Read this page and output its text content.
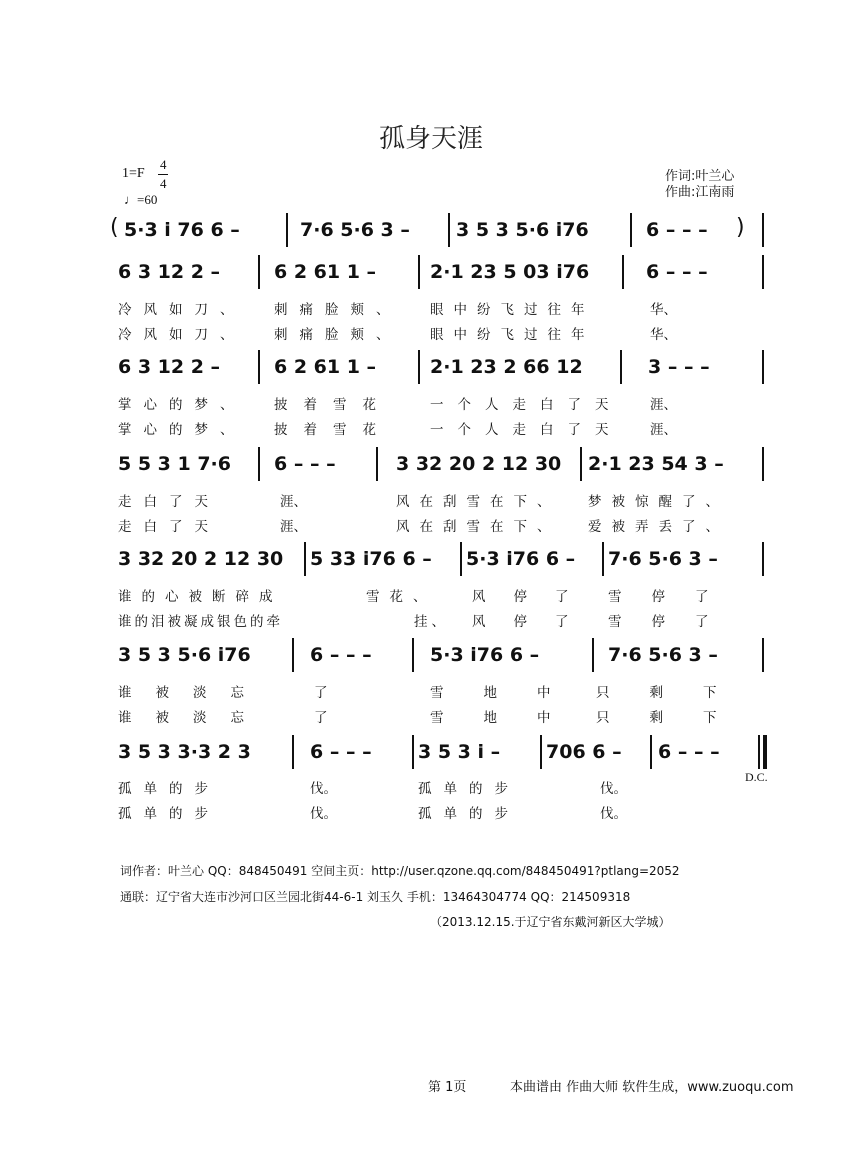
孤身天涯
1=F
4
4
♩=60
作词:叶兰心
作曲:江南雨
( 5·3 i 76 6 –	7·6 5·6 3 – 3 5 3 5·6 i76	6 – – – )
6 3 12 2 –	6 2 61 1 –	2·1 23 5 03 i76	6 – – –
冷风如刀、 刺痛脸颊、 眼中纷飞过往年	华、
冷风如刀、 刺痛脸颊、 眼中纷飞过往年	华、
6 3 12 2 –	6 2 61 1 –	2·1 23 2 66 12	3 – – –
掌心的梦、 披着雪花	一个人走白了天 涯、
掌心的梦、 披着雪花	一个人走白了天 涯、
5 5 3 1 7·6 6 – – –	3 32 20 2 12 30 2·1 23 54 3 –
走白了天	涯、	风在刮雪在下、 梦被惊醒了、
走白了天	涯、	风在刮雪在下、 爱被弄丢了、
3 32 20 2 12 30 5 33 i76 6 – 5·3 i76 6 – 7·6 5·6 3 –
谁的心被断碎成	雪花、	风停了 雪停了
谁的泪被凝成银色的牵	挂、 风停了 雪停了
3 5 3 5·6 i76	6 – – –	5·3 i76 6 –	7·6 5·6 3 –
谁被淡忘	了	雪地中 只剩下
谁被淡忘	了	雪地中 只剩下
3 5 3 3·3 2 3	6 – – – 3 5 3 i – 706 6 – 6 – – –
D.C.
孤单的步	伐。	孤单的步	伐。
孤单的步	伐。	孤单的步	伐。
词作者：叶兰心 QQ：848450491 空间主页：http://user.qzone.qq.com/848450491?ptlang=2052
通联：辽宁省大连市沙河口区兰园北街44-6-1 刘玉久 手机：13464304774 QQ：214509318
（2013.12.15.于辽宁省东戴河新区大学城）
第 1页	本曲谱由 作曲大师 软件生成，www.zuoqu.com
